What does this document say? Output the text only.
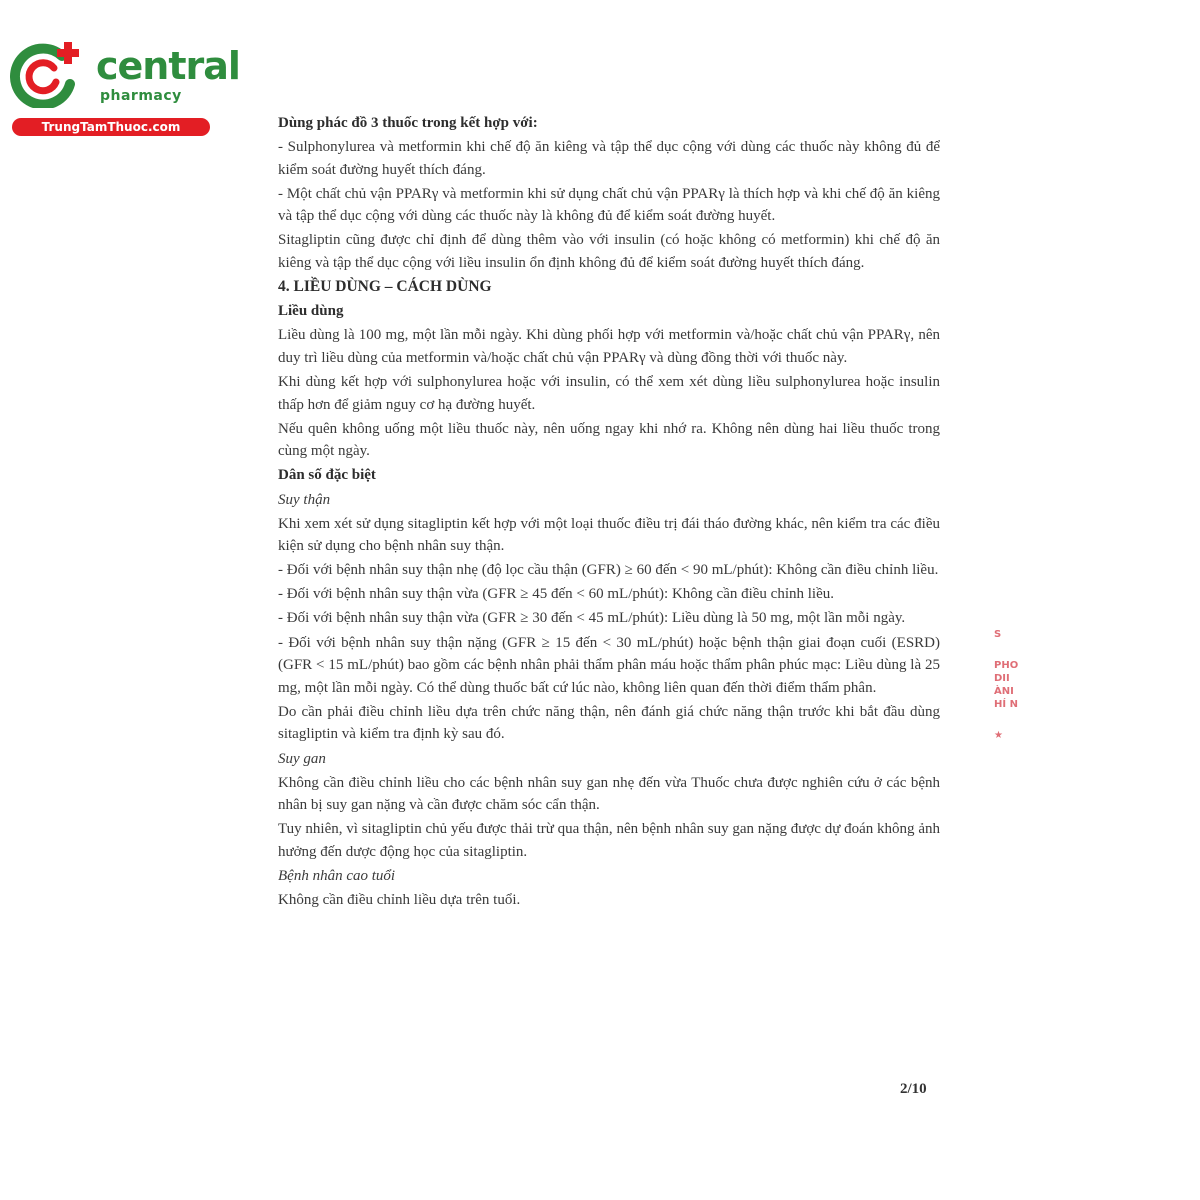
central
pharmacy
TrungTamThuoc.com	Dùng phác đồ 3 thuốc trong kết hợp với:

- Sulphonylurea và metformin khi chế độ ăn kiêng và tập thể dục cộng với dùng các thuốc này không đủ để kiểm soát đường huyết thích đáng.

- Một chất chủ vận PPARγ và metformin khi sử dụng chất chủ vận PPARγ là thích hợp và khi chế độ ăn kiêng và tập thể dục cộng với dùng các thuốc này là không đủ để kiểm soát đường huyết.

Sitagliptin cũng được chỉ định để dùng thêm vào với insulin (có hoặc không có metformin) khi chế độ ăn kiêng và tập thể dục cộng với liều insulin ổn định không đủ để kiểm soát đường huyết thích đáng.

4. LIỀU DÙNG – CÁCH DÙNG

Liều dùng

Liều dùng là 100 mg, một lần mỗi ngày. Khi dùng phối hợp với metformin và/hoặc chất chủ vận PPARγ, nên duy trì liều dùng của metformin và/hoặc chất chủ vận PPARγ và dùng đồng thời với thuốc này.

Khi dùng kết hợp với sulphonylurea hoặc với insulin, có thể xem xét dùng liều sulphonylurea hoặc insulin thấp hơn để giảm nguy cơ hạ đường huyết.

Nếu quên không uống một liều thuốc này, nên uống ngay khi nhớ ra. Không nên dùng hai liều thuốc trong cùng một ngày.

Dân số đặc biệt

Suy thận

Khi xem xét sử dụng sitagliptin kết hợp với một loại thuốc điều trị đái tháo đường khác, nên kiểm tra các điều kiện sử dụng cho bệnh nhân suy thận.

- Đối với bệnh nhân suy thận nhẹ (độ lọc cầu thận (GFR) ≥ 60 đến < 90 mL/phút): Không cần điều chỉnh liều.

- Đối với bệnh nhân suy thận vừa (GFR ≥ 45 đến < 60 mL/phút): Không cần điều chỉnh liều.

- Đối với bệnh nhân suy thận vừa (GFR ≥ 30 đến < 45 mL/phút): Liều dùng là 50 mg, một lần mỗi ngày.

- Đối với bệnh nhân suy thận nặng (GFR ≥ 15 đến < 30 mL/phút) hoặc bệnh thận giai đoạn cuối (ESRD) (GFR < 15 mL/phút) bao gồm các bệnh nhân phải thẩm phân máu hoặc thẩm phân phúc mạc: Liều dùng là 25 mg, một lần mỗi ngày. Có thể dùng thuốc bất cứ lúc nào, không liên quan đến thời điểm thẩm phân.

Do cần phải điều chỉnh liều dựa trên chức năng thận, nên đánh giá chức năng thận trước khi bắt đầu dùng sitagliptin và kiểm tra định kỳ sau đó.

Suy gan

Không cần điều chỉnh liều cho các bệnh nhân suy gan nhẹ đến vừa Thuốc chưa được nghiên cứu ở các bệnh nhân bị suy gan nặng và cần được chăm sóc cẩn thận.

Tuy nhiên, vì sitagliptin chủ yếu được thải trừ qua thận, nên bệnh nhân suy gan nặng được dự đoán không ảnh hưởng đến dược động học của sitagliptin.

Bệnh nhân cao tuổi

Không cần điều chỉnh liều dựa trên tuổi.

2/10
S
PHO
DII
ÀNI
HÍ N
★
